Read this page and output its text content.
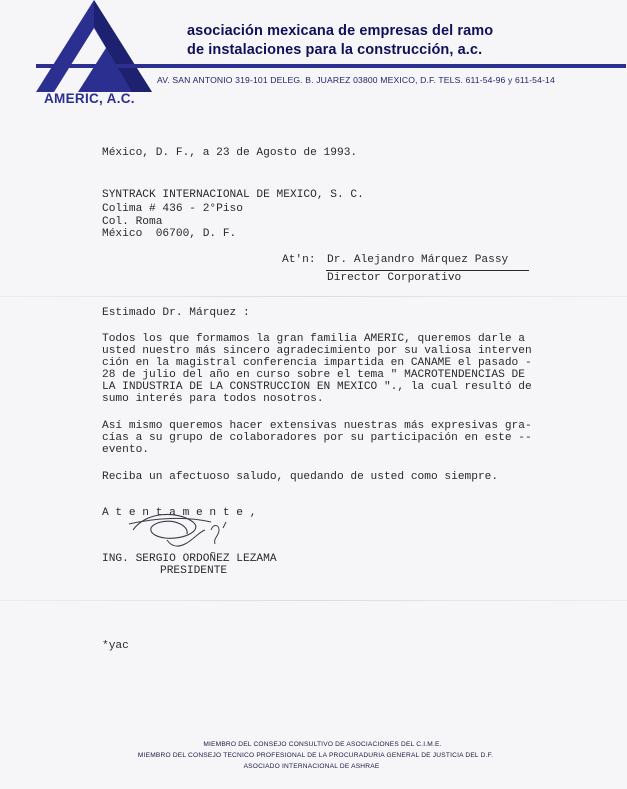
asociación mexicana de empresas del ramo
de instalaciones para la construcción, a.c.
AV. SAN ANTONIO 319-101 DELEG. B. JUAREZ 03800 MEXICO, D.F. TELS. 611-54-96 y 611-54-14
AMERIC, A.C.
México, D. F., a 23 de Agosto de 1993.
SYNTRACK INTERNACIONAL DE MEXICO, S. C.
Colima # 436 - 2°Piso
Col. Roma
México  06700, D. F.
At'n: Dr. Alejandro Márquez Passy
Director Corporativo
Estimado Dr. Márquez :
Todos los que formamos la gran familia AMERIC, queremos darle a
usted nuestro más sincero agradecimiento por su valiosa interven
ción en la magistral conferencia impartida en CANAME el pasado -
28 de julio del año en curso sobre el tema " MACROTENDENCIAS DE
LA INDUSTRIA DE LA CONSTRUCCION EN MEXICO "., la cual resultó de
sumo interés para todos nosotros.
Así mismo queremos hacer extensivas nuestras más expresivas gra-
cías a su grupo de colaboradores por su participación en este --
evento.
Reciba un afectuoso saludo, quedando de usted como siempre.
A t e n t a m e n t e ,
ING. SERGIO ORDOÑEZ LEZAMA
PRESIDENTE
*yac
MIEMBRO DEL CONSEJO CONSULTIVO DE ASOCIACIONES DEL C.I.M.E.
MIEMBRO DEL CONSEJO TECNICO PROFESIONAL DE LA PROCURADURIA GENERAL DE JUSTICIA DEL D.F.
ASOCIADO INTERNACIONAL DE ASHRAE
